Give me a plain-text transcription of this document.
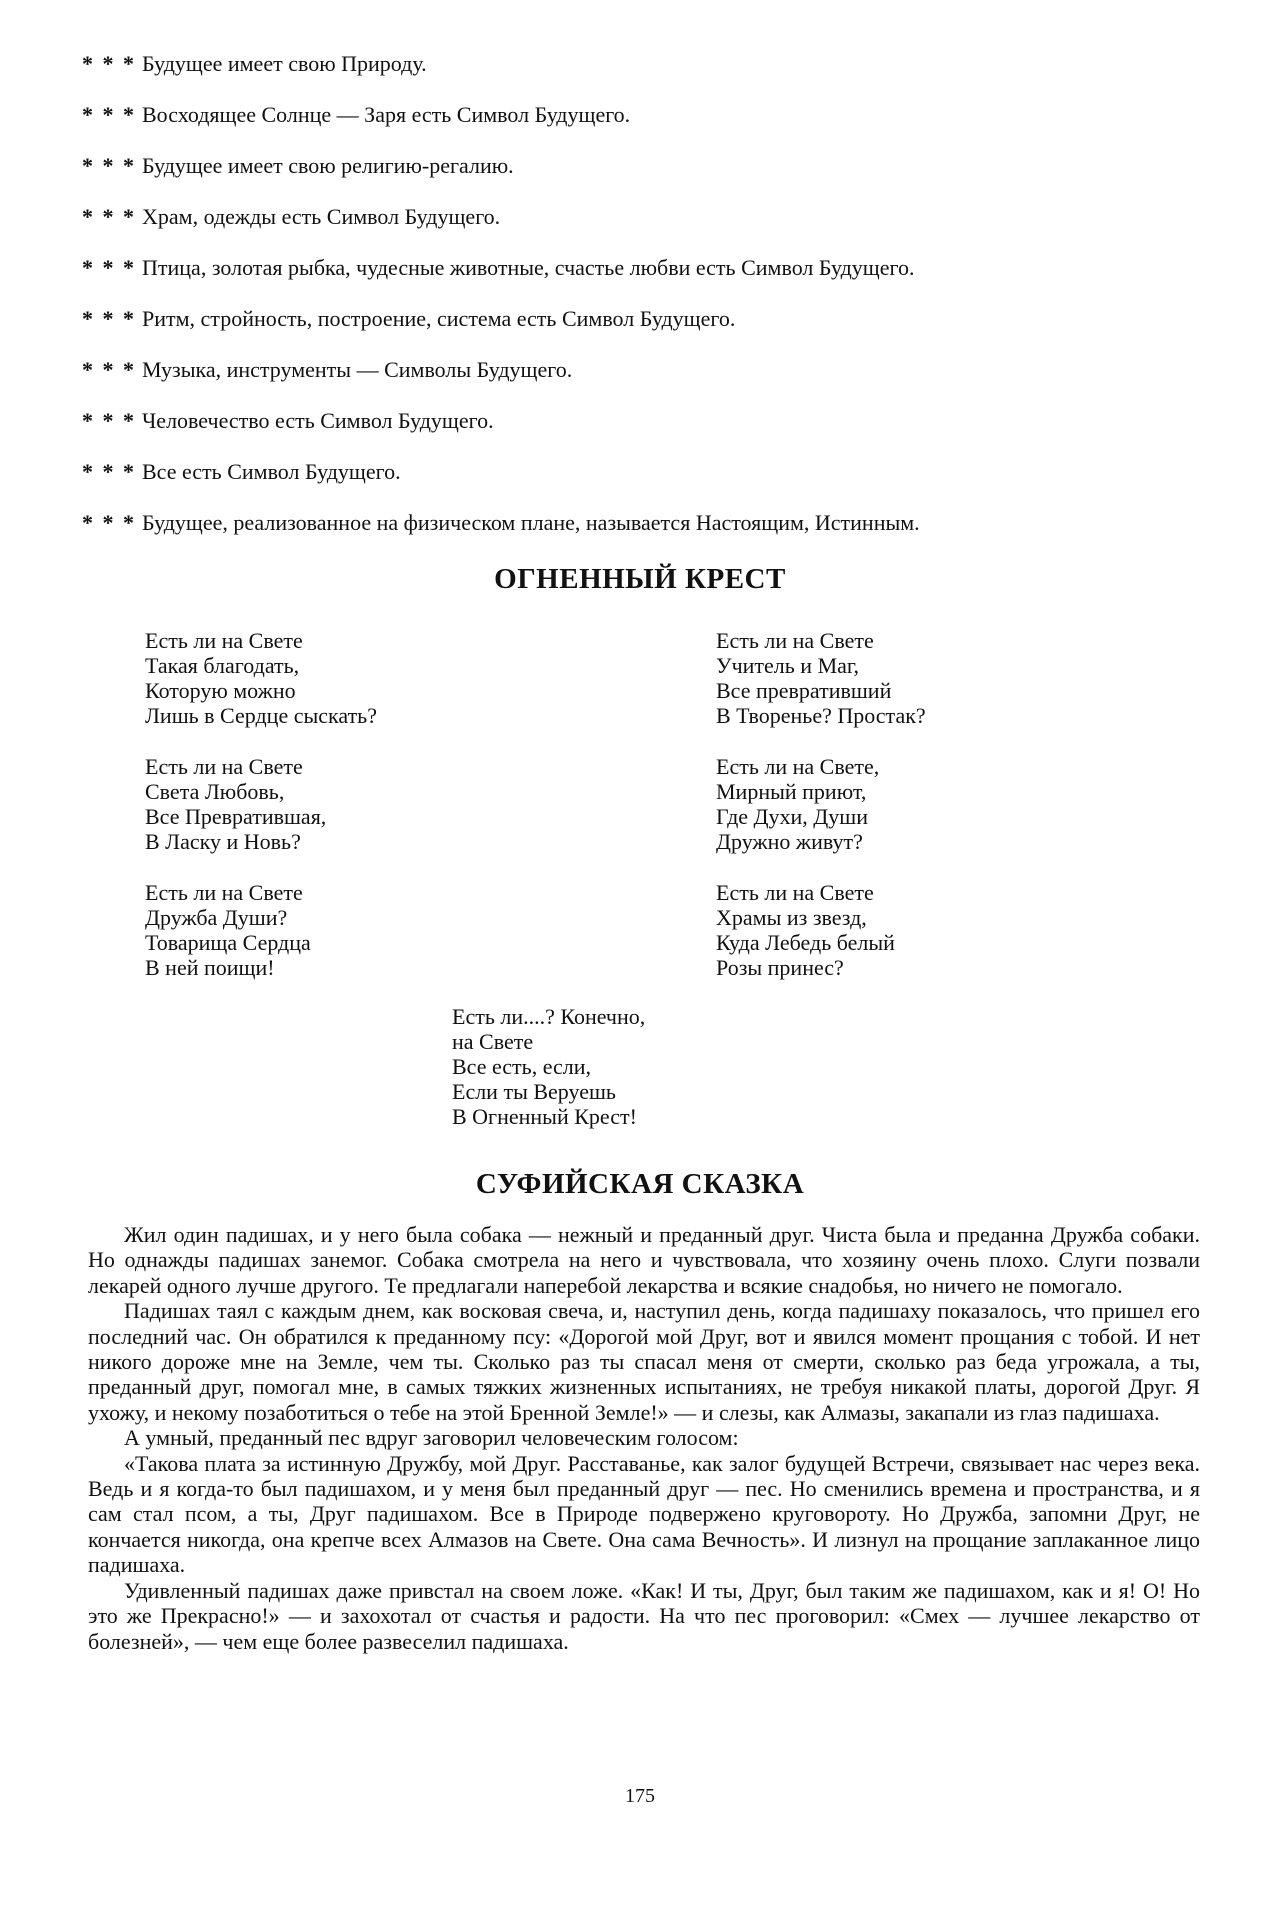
* * * Будущее имеет свою Природу.
* * * Восходящее Солнце — Заря есть Символ Будущего.
* * * Будущее имеет свою религию-регалию.
* * * Храм, одежды есть Символ Будущего.
* * * Птица, золотая рыбка, чудесные животные, счастье любви есть Символ Будущего.
* * * Ритм, стройность, построение, система есть Символ Будущего.
* * * Музыка, инструменты — Символы Будущего.
* * * Человечество есть Символ Будущего.
* * * Все есть Символ Будущего.
* * * Будущее, реализованное на физическом плане, называется Настоящим, Истинным.
ОГНЕННЫЙ КРЕСТ
Есть ли на Свете
Такая благодать,
Которую можно
Лишь в Сердце сыскать?
Есть ли на Свете
Света Любовь,
Все Превратившая,
В Ласку и Новь?
Есть ли на Свете
Дружба Души?
Товарища Сердца
В ней поищи!
Есть ли на Свете
Учитель и Маг,
Все превративший
В Творенье? Простак?
Есть ли на Свете,
Мирный приют,
Где Духи, Души
Дружно живут?
Есть ли на Свете
Храмы из звезд,
Куда Лебедь белый
Розы принес?
Есть ли....? Конечно,
на Свете
Все есть, если,
Если ты Веруешь
В Огненный Крест!
СУФИЙСКАЯ СКАЗКА

Жил один падишах, и у него была собака — нежный и преданный друг. Чиста была и преданна Дружба собаки. Но однажды падишах занемог. Собака смотрела на него и чувствовала, что хозяину очень плохо. Слуги позвали лекарей одного лучше другого. Те предлагали наперебой лекарства и всякие снадобья, но ничего не помогало.

Падишах таял с каждым днем, как восковая свеча, и, наступил день, когда падишаху показалось, что пришел его последний час. Он обратился к преданному псу: «Дорогой мой Друг, вот и явился момент прощания с тобой. И нет никого дороже мне на Земле, чем ты. Сколько раз ты спасал меня от смерти, сколько раз беда угрожала, а ты, преданный друг, помогал мне, в самых тяжких жизненных испытаниях, не требуя никакой платы, дорогой Друг. Я ухожу, и некому позаботиться о тебе на этой Бренной Земле!» — и слезы, как Алмазы, закапали из глаз падишаха.

А умный, преданный пес вдруг заговорил человеческим голосом:

«Такова плата за истинную Дружбу, мой Друг. Расставанье, как залог будущей Встречи, связывает нас через века. Ведь и я когда-то был падишахом, и у меня был преданный друг — пес. Но сменились времена и пространства, и я сам стал псом, а ты, Друг падишахом. Все в Природе подвержено круговороту. Но Дружба, запомни Друг, не кончается никогда, она крепче всех Алмазов на Свете. Она сама Вечность». И лизнул на прощание заплаканное лицо падишаха.

Удивленный падишах даже привстал на своем ложе. «Как! И ты, Друг, был таким же падишахом, как и я! О! Но это же Прекрасно!» — и захохотал от счастья и радости. На что пес проговорил: «Смех — лучшее лекарство от болезней», — чем еще более развеселил падишаха.

175
